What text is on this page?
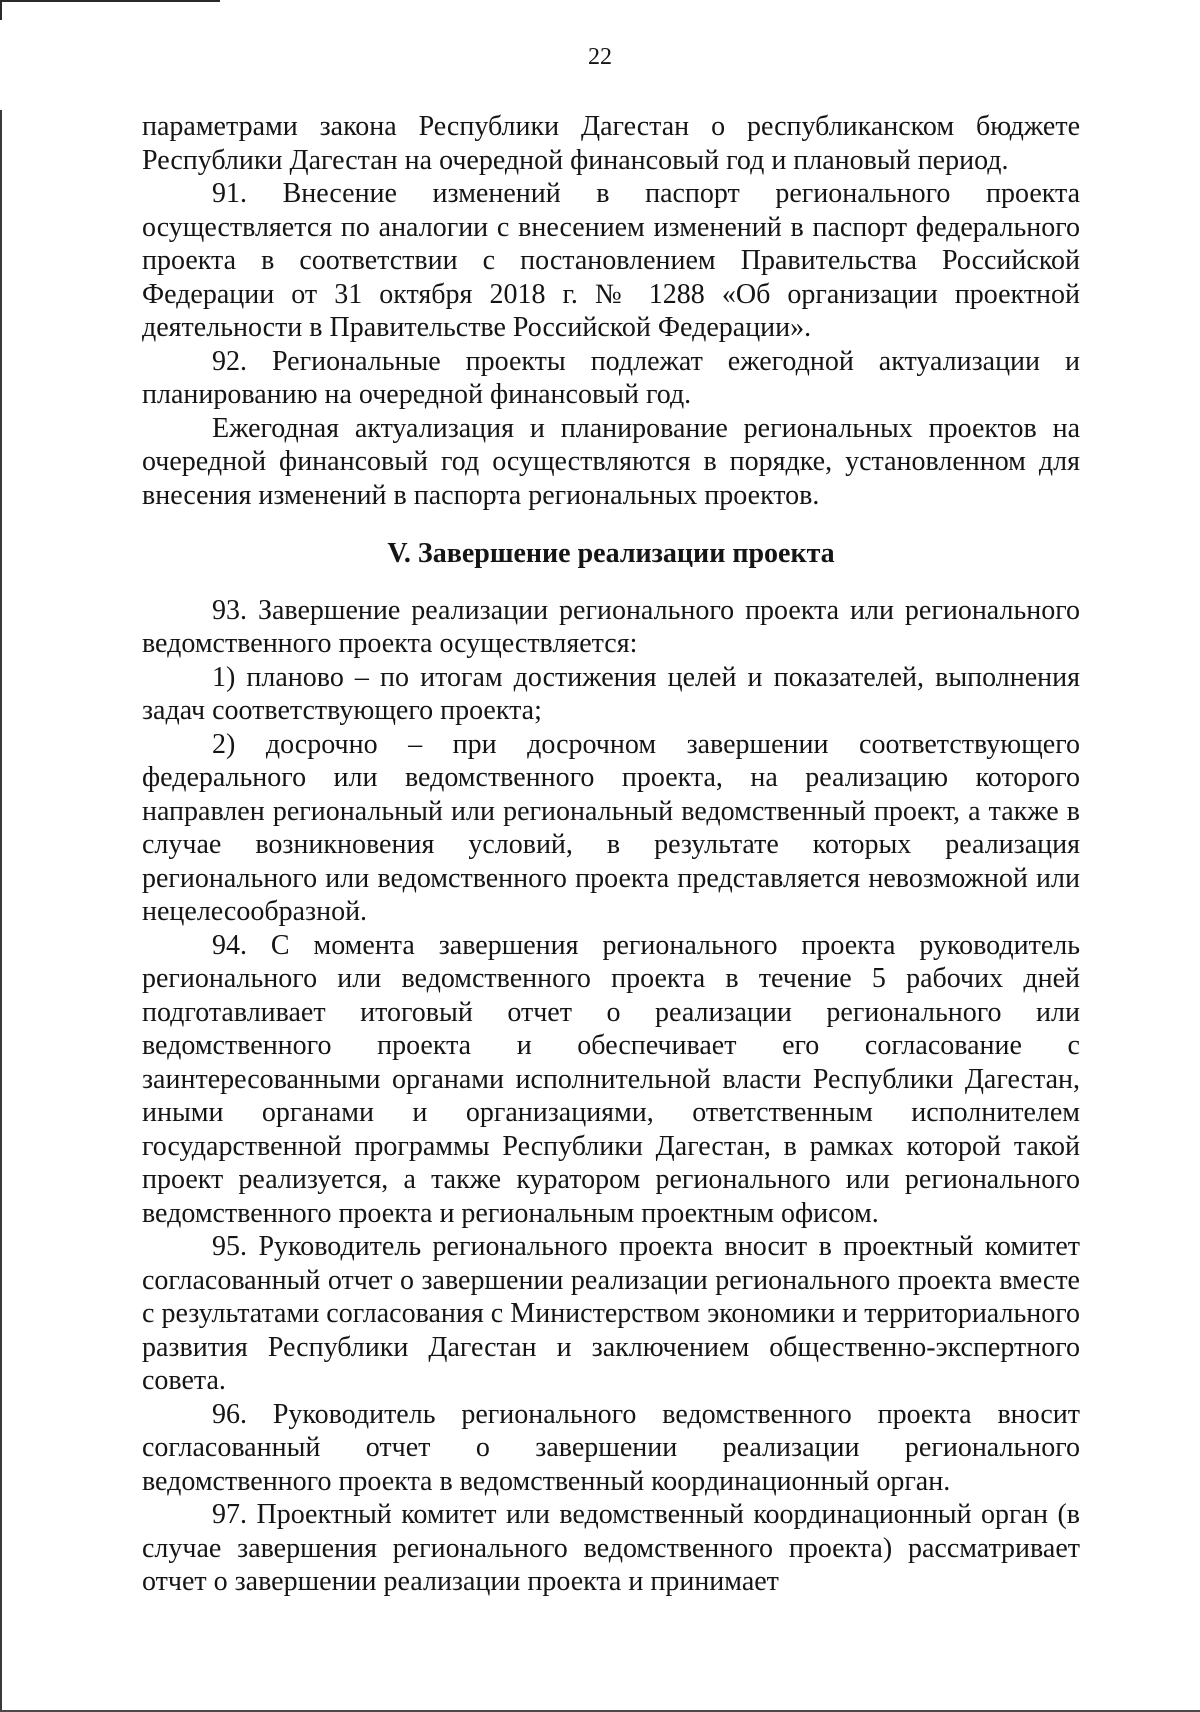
22

параметрами закона Республики Дагестан о республиканском бюджете Республики Дагестан на очередной финансовый год и плановый период.

91. Внесение изменений в паспорт регионального проекта осуществляется по аналогии с внесением изменений в паспорт федерального проекта в соответствии с постановлением Правительства Российской Федерации от 31 октября 2018 г. № 1288 «Об организации проектной деятельности в Правительстве Российской Федерации».

92. Региональные проекты подлежат ежегодной актуализации и планированию на очередной финансовый год.

Ежегодная актуализация и планирование региональных проектов на очередной финансовый год осуществляются в порядке, установленном для внесения изменений в паспорта региональных проектов.

V. Завершение реализации проекта

93. Завершение реализации регионального проекта или регионального ведомственного проекта осуществляется:

1) планово – по итогам достижения целей и показателей, выполнения задач соответствующего проекта;

2) досрочно – при досрочном завершении соответствующего федерального или ведомственного проекта, на реализацию которого направлен региональный или региональный ведомственный проект, а также в случае возникновения условий, в результате которых реализация регионального или ведомственного проекта представляется невозможной или нецелесообразной.

94. С момента завершения регионального проекта руководитель регионального или ведомственного проекта в течение 5 рабочих дней подготавливает итоговый отчет о реализации регионального или ведомственного проекта и обеспечивает его согласование с заинтересованными органами исполнительной власти Республики Дагестан, иными органами и организациями, ответственным исполнителем государственной программы Республики Дагестан, в рамках которой такой проект реализуется, а также куратором регионального или регионального ведомственного проекта и региональным проектным офисом.

95. Руководитель регионального проекта вносит в проектный комитет согласованный отчет о завершении реализации регионального проекта вместе с результатами согласования с Министерством экономики и территориального развития Республики Дагестан и заключением общественно-экспертного совета.

96. Руководитель регионального ведомственного проекта вносит согласованный отчет о завершении реализации регионального ведомственного проекта в ведомственный координационный орган.

97. Проектный комитет или ведомственный координационный орган (в случае завершения регионального ведомственного проекта) рассматривает отчет о завершении реализации проекта и принимает
